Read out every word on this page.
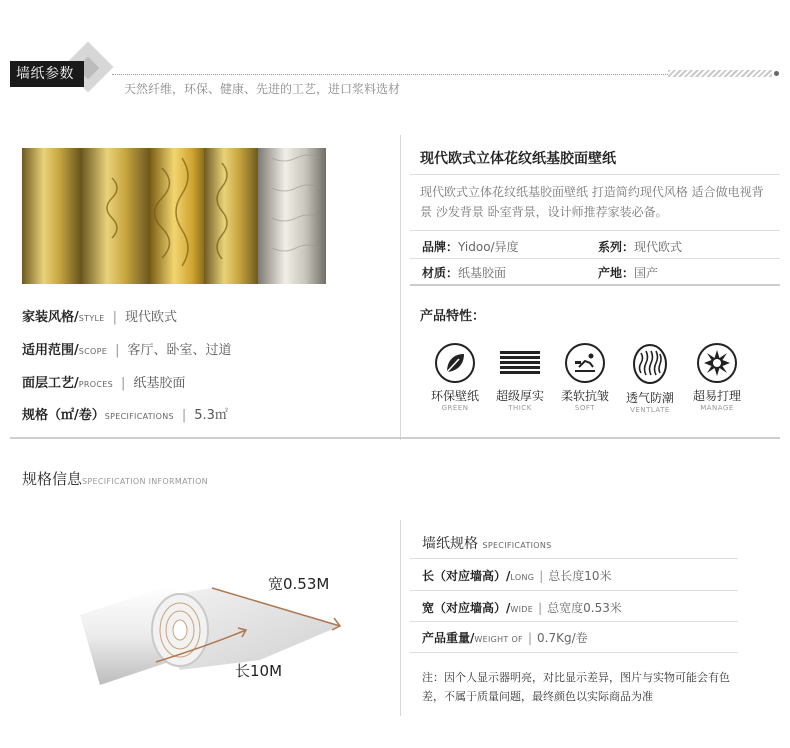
墙纸参数
天然纤维，环保、健康、先进的工艺，进口浆料选材
家装风格/STYLE | 现代欧式
适用范围/SCOPE | 客厅、卧室、过道
面层工艺/PROCES | 纸基胶面
规格（㎡/卷）SPECIFICATIONS | 5.3㎡
现代欧式立体花纹纸基胶面壁纸
现代欧式立体花纹纸基胶面壁纸 打造简约现代风格 适合做电视背景 沙发背景 卧室背景，设计师推荐家装必备。
品牌：Yidoo/异度	系列：现代欧式
材质：纸基胶面	产地：国产
产品特性：
环保壁纸
GREEN
超级厚实
THICK
柔软抗皱
SOFT
透气防潮
VENTLATE
超易打理
MANAGE
规格信息SPECIFICATION INFORMATION
宽0.53M
长10M
墙纸规格 SPECIFICATIONS
长（对应墙高）/LONG | 总长度10米
宽（对应墙高）/WIDE | 总宽度0.53米
产品重量/WEIGHT OF | 0.7Kg/卷
注：因个人显示器明亮，对比显示差异，图片与实物可能会有色差，不属于质量问题，最终颜色以实际商品为准
